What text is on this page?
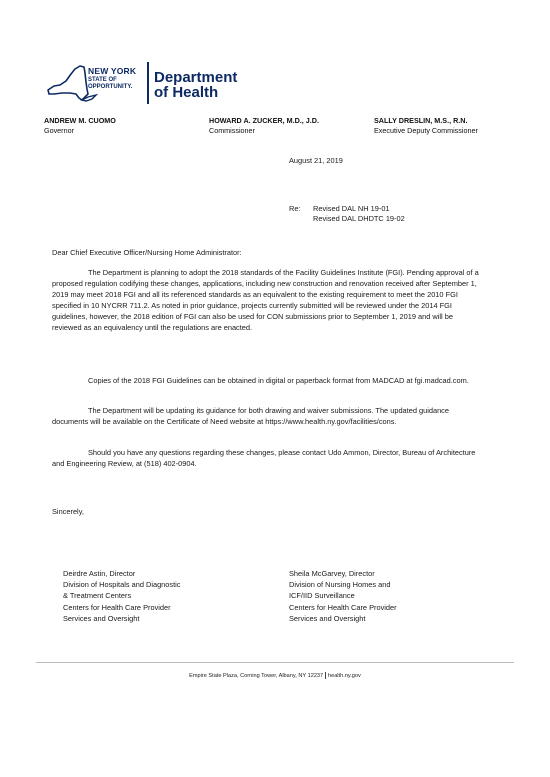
NEW YORK
STATE OF
OPPORTUNITY.
Department
of Health
ANDREW M. CUOMO
Governor
HOWARD A. ZUCKER, M.D., J.D.
Commissioner
SALLY DRESLIN, M.S., R.N.
Executive Deputy Commissioner
August 21, 2019
Re: Revised DAL NH 19-01
Revised DAL DHDTC 19-02
Dear Chief Executive Officer/Nursing Home Administrator:
The Department is planning to adopt the 2018 standards of the Facility Guidelines Institute (FGI). Pending approval of a proposed regulation codifying these changes, applications, including new construction and renovation received after September 1, 2019 may meet 2018 FGI and all its referenced standards as an equivalent to the existing requirement to meet the 2010 FGI specified in 10 NYCRR 711.2. As noted in prior guidance, projects currently submitted will be reviewed under the 2014 FGI guidelines, however, the 2018 edition of FGI can also be used for CON submissions prior to September 1, 2019 and will be reviewed as an equivalency until the regulations are enacted.
Copies of the 2018 FGI Guidelines can be obtained in digital or paperback format from MADCAD at fgi.madcad.com.
The Department will be updating its guidance for both drawing and waiver submissions. The updated guidance documents will be available on the Certificate of Need website at https://www.health.ny.gov/facilities/cons.
Should you have any questions regarding these changes, please contact Udo Ammon, Director, Bureau of Architecture and Engineering Review, at (518) 402-0904.
Sincerely,
Deirdre Astin, Director
Division of Hospitals and Diagnostic
& Treatment Centers
Centers for Health Care Provider
Services and Oversight
Sheila McGarvey, Director
Division of Nursing Homes and
ICF/IID Surveillance
Centers for Health Care Provider
Services and Oversight
Empire State Plaza, Corning Tower, Albany, NY 12237 health.ny.gov
